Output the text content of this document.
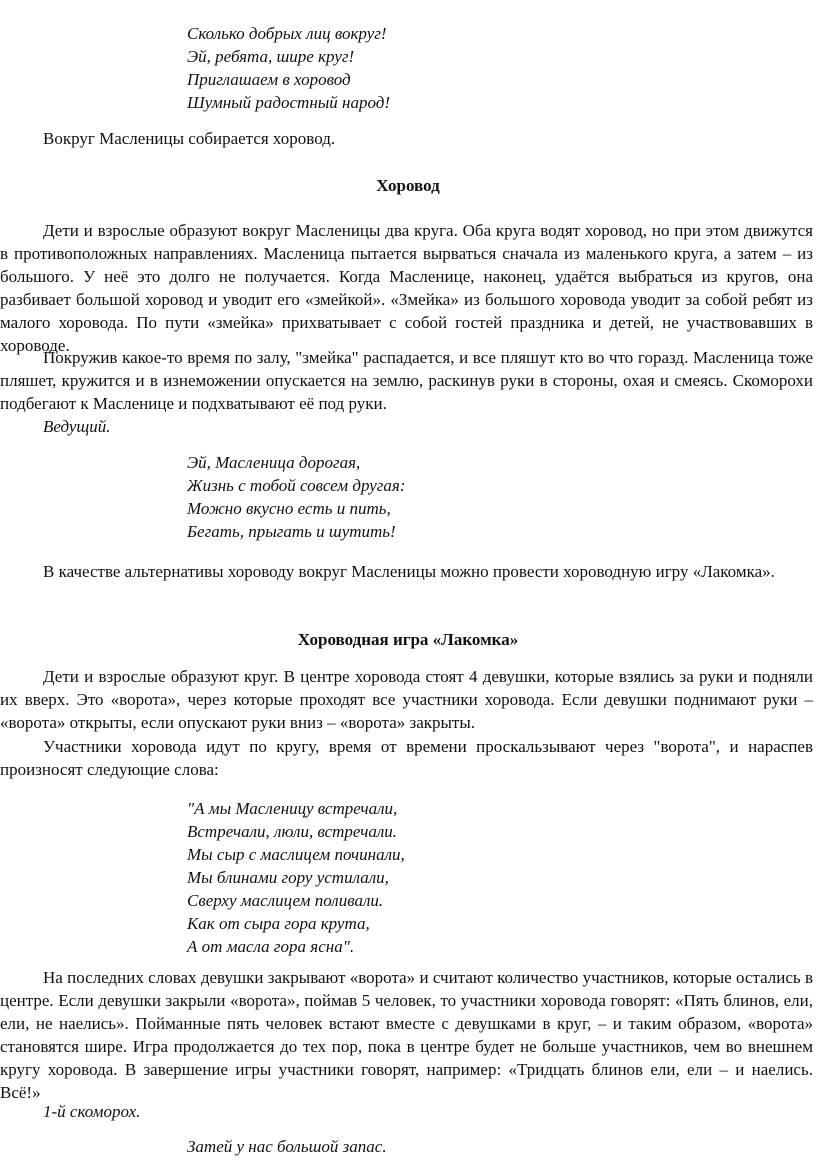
Сколько добрых лиц вокруг!
Эй, ребята, шире круг!
Приглашаем в хоровод
Шумный радостный народ!
Вокруг Масленицы собирается хоровод.
Хоровод

Дети и взрослые образуют вокруг Масленицы два круга. Оба круга водят хоровод, но при этом движутся в противоположных направлениях. Масленица пытается вырваться сначала из маленького круга, а затем – из большого. У неё это долго не получается. Когда Масленице, наконец, удаётся выбраться из кругов, она разбивает большой хоровод и уводит его «змейкой». «Змейка» из большого хоровода уводит за собой ребят из малого хоровода. По пути «змейка» прихватывает с собой гостей праздника и детей, не участвовавших в хороводе.

Покружив какое-то время по залу, "змейка" распадается, и все пляшут кто во что горазд. Масленица тоже пляшет, кружится и в изнеможении опускается на землю, раскинув руки в стороны, охая и смеясь. Скоморохи подбегают к Масленице и подхватывают её под руки.

Ведущий.
Эй, Масленица дорогая,
Жизнь с тобой совсем другая:
Можно вкусно есть и пить,
Бегать, прыгать и шутить!

В качестве альтернативы хороводу вокруг Масленицы можно провести хороводную игру «Лакомка».

Хороводная игра «Лакомка»

Дети и взрослые образуют круг. В центре хоровода стоят 4 девушки, которые взялись за руки и подняли их вверх. Это «ворота», через которые проходят все участники хоровода. Если девушки поднимают руки – «ворота» открыты, если опускают руки вниз – «ворота» закрыты.

Участники хоровода идут по кругу, время от времени проскальзывают через "ворота", и нараспев произносят следующие слова:

"А мы Масленицу встречали,
Встречали, люли, встречали.
Мы сыр с маслицем починали,
Мы блинами гору устилали,
Сверху маслицем поливали.
Как от сыра гора крута,
А от масла гора ясна".

На последних словах девушки закрывают «ворота» и считают количество участников, которые остались в центре. Если девушки закрыли «ворота», поймав 5 человек, то участники хоровода говорят: «Пять блинов, ели, ели, не наелись». Пойманные пять человек встают вместе с девушками в круг, – и таким образом, «ворота» становятся шире. Игра продолжается до тех пор, пока в центре будет не больше участников, чем во внешнем кругу хоровода. В завершение игры участники говорят, например: «Тридцать блинов ели, ели – и наелись. Всё!»

1-й скоморох.
Затей у нас большой запас.
